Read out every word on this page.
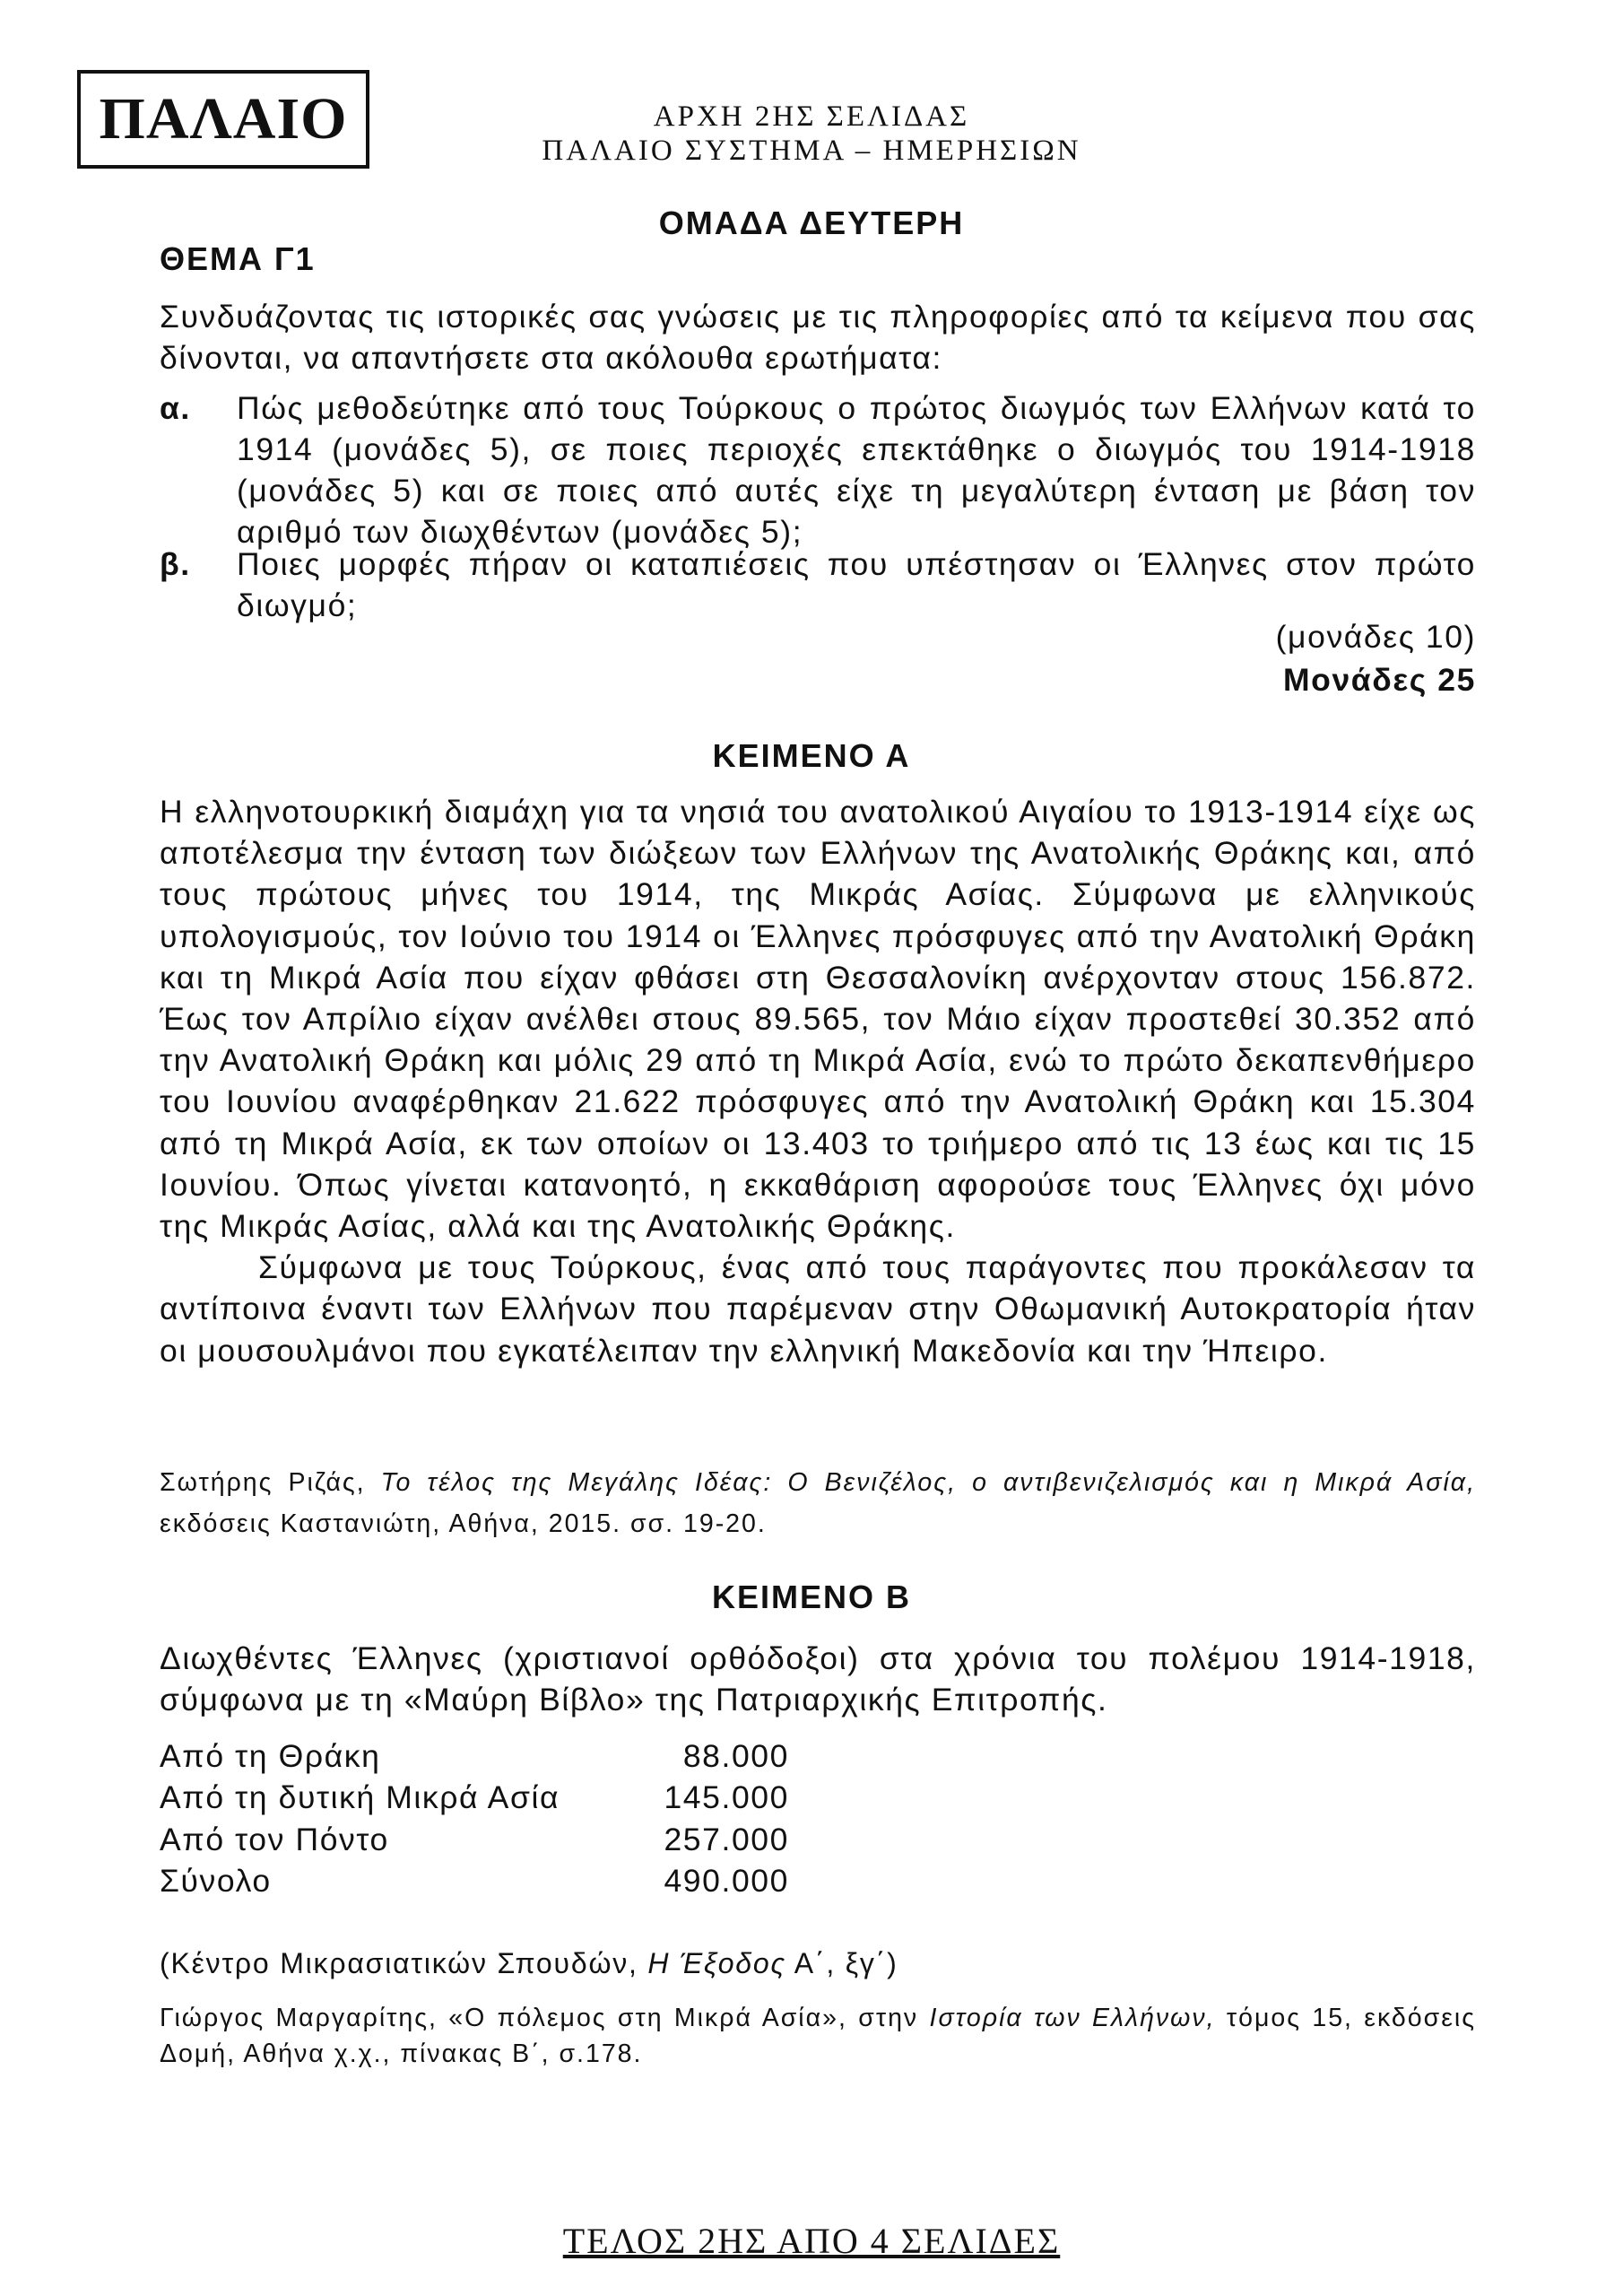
ΠΑΛΑΙΟ	ΑΡΧΗ 2ΗΣ ΣΕΛΙΔΑΣ
ΠΑΛΑΙΟ ΣΥΣΤΗΜΑ – ΗΜΕΡΗΣΙΩΝ
ΟΜΑΔΑ ΔΕΥΤΕΡΗ
ΘΕΜΑ Γ1
Συνδυάζοντας τις ιστορικές σας γνώσεις με τις πληροφορίες από τα κείμενα που σας δίνονται, να απαντήσετε στα ακόλουθα ερωτήματα:
α. Πώς μεθοδεύτηκε από τους Τούρκους ο πρώτος διωγμός των Ελλήνων κατά το 1914 (μονάδες 5), σε ποιες περιοχές επεκτάθηκε ο διωγμός του 1914-1918 (μονάδες 5) και σε ποιες από αυτές είχε τη μεγαλύτερη ένταση με βάση τον αριθμό των διωχθέντων (μονάδες 5);
β. Ποιες μορφές πήραν οι καταπιέσεις που υπέστησαν οι Έλληνες στον πρώτο διωγμό;
(μονάδες 10)
Μονάδες 25
ΚΕΙΜΕΝΟ Α

Η ελληνοτουρκική διαμάχη για τα νησιά του ανατολικού Αιγαίου το 1913-1914 είχε ως αποτέλεσμα την ένταση των διώξεων των Ελλήνων της Ανατολικής Θράκης και, από τους πρώτους μήνες του 1914, της Μικράς Ασίας. Σύμφωνα με ελληνικούς υπολογισμούς, τον Ιούνιο του 1914 οι Έλληνες πρόσφυγες από την Ανατολική Θράκη και τη Μικρά Ασία που είχαν φθάσει στη Θεσσαλονίκη ανέρχονταν στους 156.872. Έως τον Απρίλιο είχαν ανέλθει στους 89.565, τον Μάιο είχαν προστεθεί 30.352 από την Ανατολική Θράκη και μόλις 29 από τη Μικρά Ασία, ενώ το πρώτο δεκαπενθήμερο του Ιουνίου αναφέρθηκαν 21.622 πρόσφυγες από την Ανατολική Θράκη και 15.304 από τη Μικρά Ασία, εκ των οποίων οι 13.403 το τριήμερο από τις 13 έως και τις 15 Ιουνίου. Όπως γίνεται κατανοητό, η εκκαθάριση αφορούσε τους Έλληνες όχι μόνο της Μικράς Ασίας, αλλά και της Ανατολικής Θράκης.

Σύμφωνα με τους Τούρκους, ένας από τους παράγοντες που προκάλεσαν τα αντίποινα έναντι των Ελλήνων που παρέμεναν στην Οθωμανική Αυτοκρατορία ήταν οι μουσουλμάνοι που εγκατέλειπαν την ελληνική Μακεδονία και την Ήπειρο.

Σωτήρης Ριζάς, Το τέλος της Μεγάλης Ιδέας: Ο Βενιζέλος, ο αντιβενιζελισμός και η Μικρά Ασία, εκδόσεις Καστανιώτη, Αθήνα, 2015. σσ. 19-20.
ΚΕΙΜΕΝΟ Β
Διωχθέντες Έλληνες (χριστιανοί ορθόδοξοι) στα χρόνια του πολέμου 1914-1918, σύμφωνα με τη «Μαύρη Βίβλο» της Πατριαρχικής Επιτροπής.
Από τη Θράκη	88.000
Από τη δυτική Μικρά Ασία	145.000
Από τον Πόντο	257.000
Σύνολο	490.000
(Κέντρο Μικρασιατικών Σπουδών, Η Έξοδος Α΄, ξγ΄)
Γιώργος Μαργαρίτης, «Ο πόλεμος στη Μικρά Ασία», στην Ιστορία των Ελλήνων, τόμος 15, εκδόσεις Δομή, Αθήνα χ.χ., πίνακας Β΄, σ.178.
ΤΕΛΟΣ 2ΗΣ ΑΠΟ 4 ΣΕΛΙΔΕΣ
